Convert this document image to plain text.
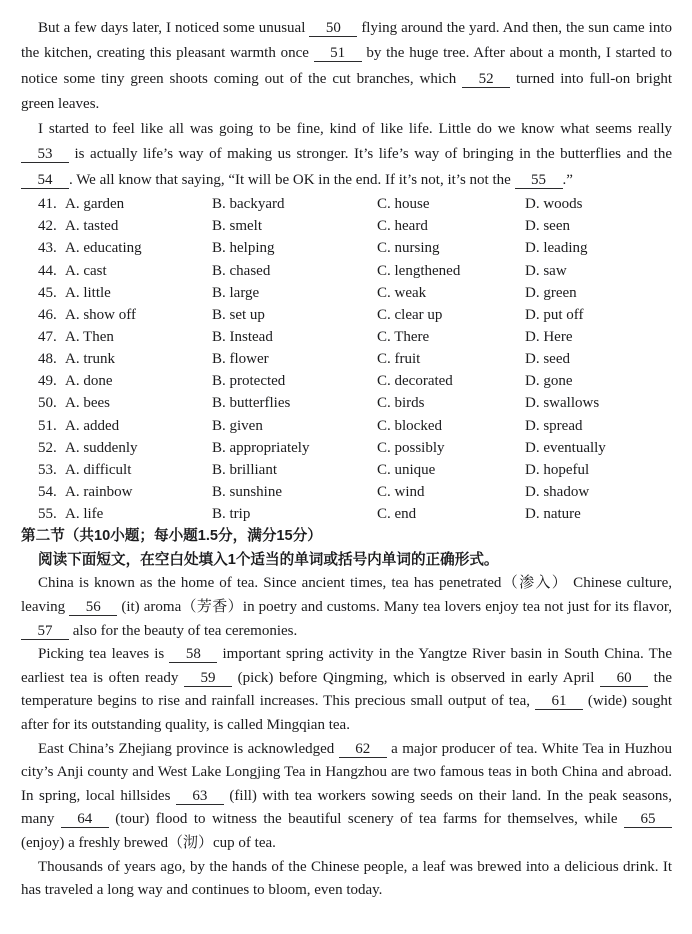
But a few days later, I noticed some unusual 50 flying around the yard. And then, the sun came into the kitchen, creating this pleasant warmth once 51 by the huge tree. After about a month, I started to notice some tiny green shoots coming out of the cut branches, which 52 turned into full-on bright green leaves.

I started to feel like all was going to be fine, kind of like life. Little do we know what seems really 53 is actually life’s way of making us stronger. It’s life’s way of bringing in the butterflies and the 54 . We all know that saying, “It will be OK in the end. If it’s not, it’s not the 55 .”

41. A. garden	B. backyard	C. house	D. woods
42. A. tasted	B. smelt	C. heard	D. seen
43. A. educating	B. helping	C. nursing	D. leading
44. A. cast	B. chased	C. lengthened	D. saw
45. A. little	B. large	C. weak	D. green
46. A. show off	B. set up	C. clear up	D. put off
47. A. Then	B. Instead	C. There	D. Here
48. A. trunk	B. flower	C. fruit	D. seed
49. A. done	B. protected	C. decorated	D. gone
50. A. bees	B. butterflies	C. birds	D. swallows
51. A. added	B. given	C. blocked	D. spread
52. A. suddenly	B. appropriately	C. possibly	D. eventually
53. A. difficult	B. brilliant	C. unique	D. hopeful
54. A. rainbow	B. sunshine	C. wind	D. shadow
55. A. life	B. trip	C. end	D. nature
第二节（共10小题；每小题1.5分，满分15分）
阅读下面短文，在空白处填入1个适当的单词或括号内单词的正确形式。

China is known as the home of tea. Since ancient times, tea has penetrated（渗入） Chinese culture, leaving 56 (it) aroma（芳香）in poetry and customs. Many tea lovers enjoy tea not just for its flavor, 57 also for the beauty of tea ceremonies.

Picking tea leaves is 58 important spring activity in the Yangtze River basin in South China. The earliest tea is often ready 59 (pick) before Qingming, which is observed in early April 60 the temperature begins to rise and rainfall increases. This precious small output of tea, 61 (wide) sought after for its outstanding quality, is called Mingqian tea.

East China’s Zhejiang province is acknowledged 62 a major producer of tea. White Tea in Huzhou city’s Anji county and West Lake Longjing Tea in Hangzhou are two famous teas in both China and abroad. In spring, local hillsides 63 (fill) with tea workers sowing seeds on their land. In the peak seasons, many 64 (tour) flood to witness the beautiful scenery of tea farms for themselves, while 65 (enjoy) a freshly brewed（沏）cup of tea.

Thousands of years ago, by the hands of the Chinese people, a leaf was brewed into a delicious drink. It has traveled a long way and continues to bloom, even today.
